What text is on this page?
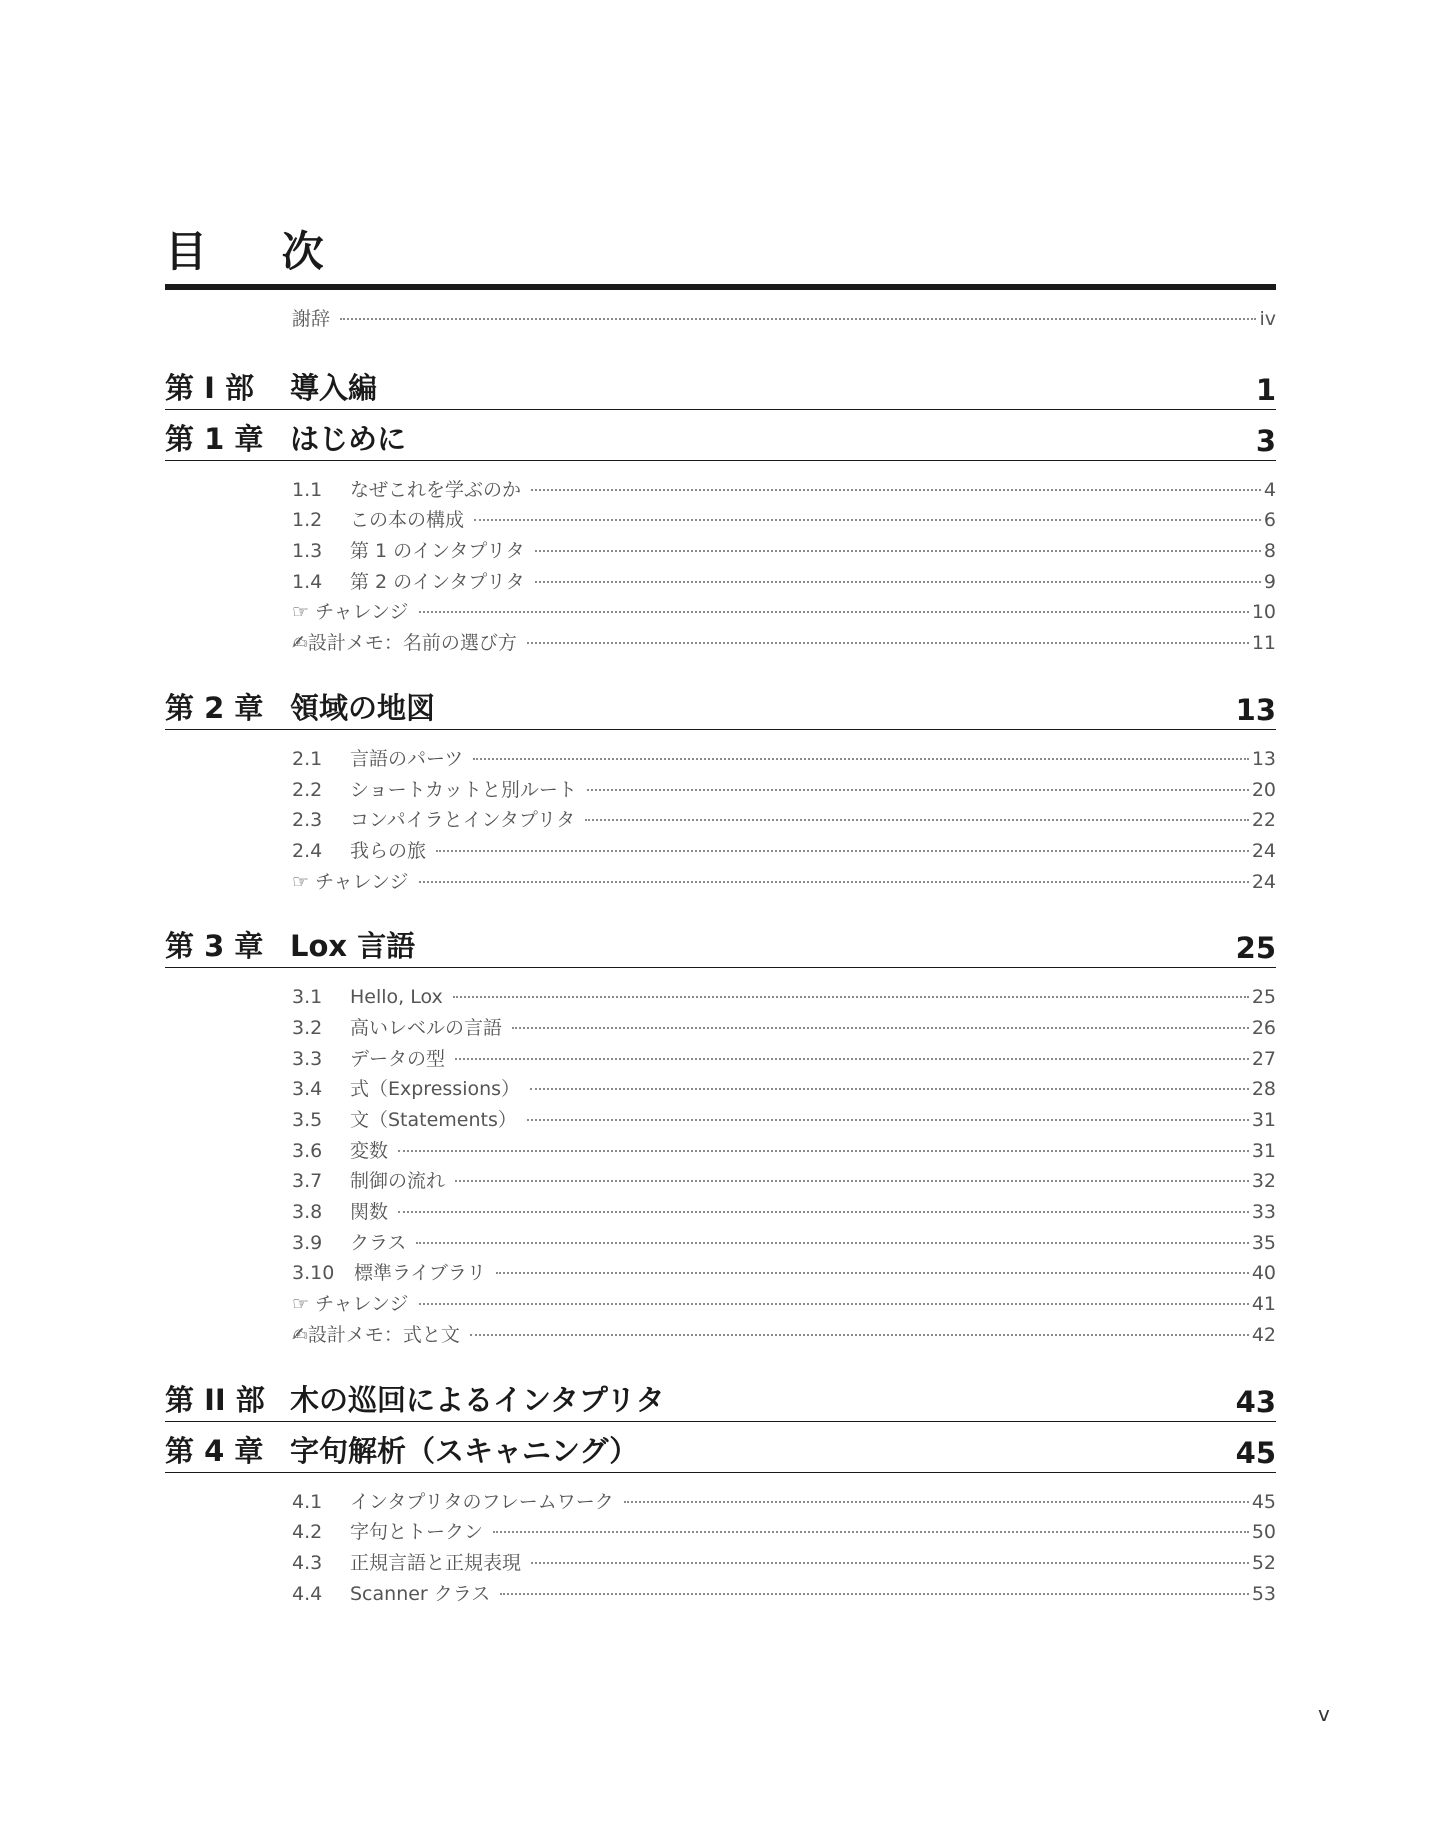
目 次
謝辞	iv
第 I 部	導入編	1
第 1 章 はじめに	3
1.1	なぜこれを学ぶのか	4
1.2	この本の構成	6
1.3	第 1 のインタプリタ	8
1.4	第 2 のインタプリタ	9
☞ チャレンジ	10
✍設計メモ：名前の選び方	11
第 2 章 領域の地図	13
2.1	言語のパーツ	13
2.2	ショートカットと別ルート	20
2.3	コンパイラとインタプリタ	22
2.4	我らの旅	24
☞ チャレンジ	24
第 3 章 Lox 言語	25
3.1	Hello, Lox	25
3.2	高いレベルの言語	26
3.3	データの型	27
3.4	式（Expressions）	28
3.5	文（Statements）	31
3.6	変数	31
3.7	制御の流れ	32
3.8	関数	33
3.9	クラス	35
3.10	標準ライブラリ	40
☞ チャレンジ	41
✍設計メモ：式と文	42
第 II 部 木の巡回によるインタプリタ	43
第 4 章 字句解析（スキャニング）	45
4.1	インタプリタのフレームワーク	45
4.2	字句とトークン	50
4.3	正規言語と正規表現	52
4.4	Scanner クラス	53
v
